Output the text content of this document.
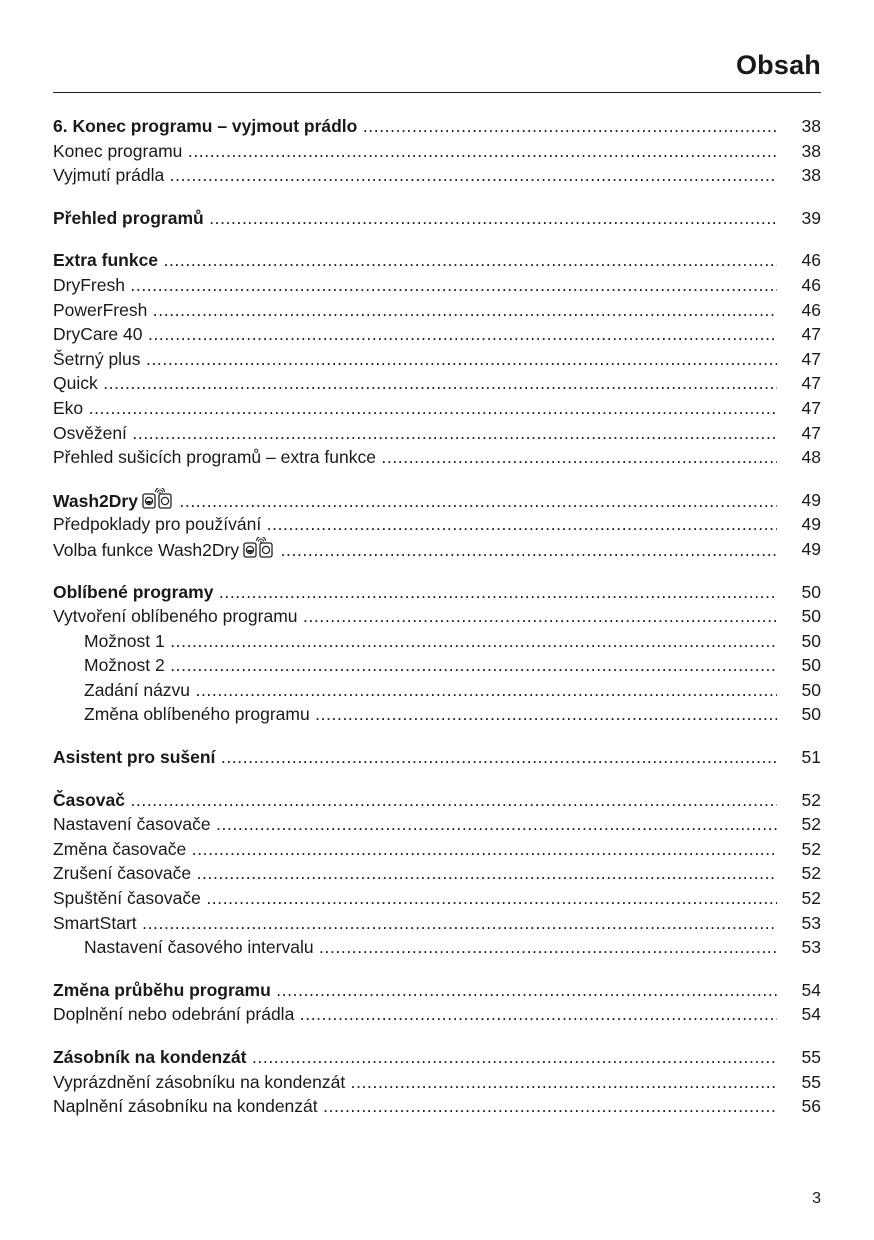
Obsah
6. Konec programu – vyjmout prádlo .....	38
Konec programu .....	38
Vyjmutí prádla .....	38
Přehled programů .....	39
Extra funkce .....	46
DryFresh .....	46
PowerFresh .....	46
DryCare 40 .....	47
Šetrný plus .....	47
Quick .....	47
Eko .....	47
Osvěžení .....	47
Přehled sušicích programů – extra funkce .....	48
Wash2Dry .....	49
Předpoklady pro používání .....	49
Volba funkce Wash2Dry .....	49
Oblíbené programy .....	50
Vytvoření oblíbeného programu .....	50
Možnost 1 .....	50
Možnost 2 .....	50
Zadání názvu .....	50
Změna oblíbeného programu .....	50
Asistent pro sušení .....	51
Časovač .....	52
Nastavení časovače .....	52
Změna časovače .....	52
Zrušení časovače .....	52
Spuštění časovače .....	52
SmartStart .....	53
Nastavení časového intervalu .....	53
Změna průběhu programu .....	54
Doplnění nebo odebrání prádla .....	54
Zásobník na kondenzát .....	55
Vyprázdnění zásobníku na kondenzát .....	55
Naplnění zásobníku na kondenzát .....	56
3
